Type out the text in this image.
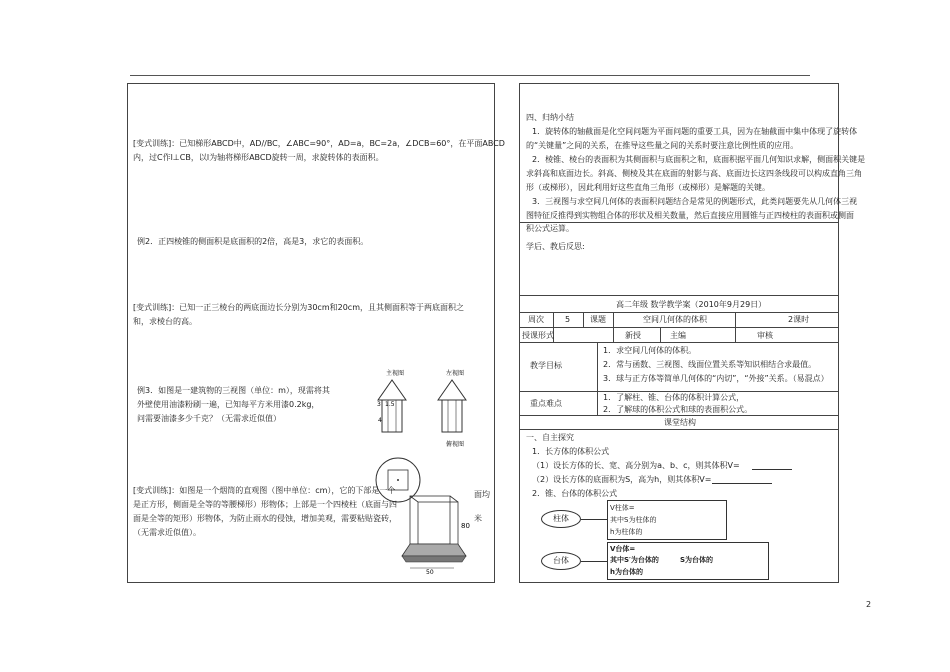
[变式训练]：已知梯形ABCD中，AD//BC，∠ABC=90°，AD=a，BC=2a，∠DCB=60°，在平面ABCD
内，过C作l⊥CB，以l为轴将梯形ABCD旋转一周，求旋转体的表面积。
例2．正四棱锥的侧面积是底面积的2倍，高是3，求它的表面积。
[变式训练]：已知一正三棱台的两底面边长分别为30cm和20cm，且其侧面积等于两底面积之
和，求棱台的高。
例3．如图是一建筑物的三视图（单位：m），现需将其
外壁使用油漆粉刷一遍，已知每平方米用漆0.2kg，
问需要油漆多少千克？（无需求近似值）
主视图	左视图
3 1.5
4
俯视图
[变式训练]：如图是一个烟筒的直观图（图中单位：cm），它的下部是一个
是正方形，侧面是全等的等腰梯形）形物体；上部是一个四棱柱（底面与四
面是全等的矩形）形物体，为防止雨水的侵蚀，增加美观，需要粘贴瓷砖，
（无需求近似值）。
面均
米
80
50
四、归纳小结
1．旋转体的轴截面是化空间问题为平面问题的重要工具，因为在轴截面中集中体现了旋转体
的“关键量”之间的关系，在推导这些量之间的关系时要注意比例性质的应用。
2．棱锥、棱台的表面积为其侧面积与底面积之和，底面积据平面几何知识求解，侧面积关键是
求斜高和底面边长。斜高、侧棱及其在底面的射影与高、底面边长这四条线段可以构成直角三角
形（或梯形），因此利用好这些直角三角形（或梯形）是解题的关键。
3．三视图与求空间几何体的表面积问题结合是常见的例题形式，此类问题要先从几何体三视
图特征反推得到实物组合体的形状及相关数量，然后直接应用圆锥与正四棱柱的表面积或侧面
积公式运算。
学后、教后反思:
高二年级 数学教学案（2010年9月29日）
周次	5 课题	空间几何体的体积	2课时
授课形式	新授	主编	审核
教学目标
1．求空间几何体的体积。
2．常与函数、三视图、线面位置关系等知识相结合求最值。
3．球与正方体等简单几何体的“内切”，“外接”关系。（易混点）
重点难点
1．了解柱、锥、台体的体积计算公式，
2．了解球的体积公式和球的表面积公式。
课堂结构
一、自主探究
1．长方体的体积公式
（1）设长方体的长、宽、高分别为a、b、c，则其体积V=
（2）设长方体的底面积为S，高为h，则其体积V=
2．锥、台体的体积公式
柱体
V柱体=
其中S为柱体的
h为柱体的
台体
V台体=
其中S′为台体的	S为台体的
h为台体的
2
